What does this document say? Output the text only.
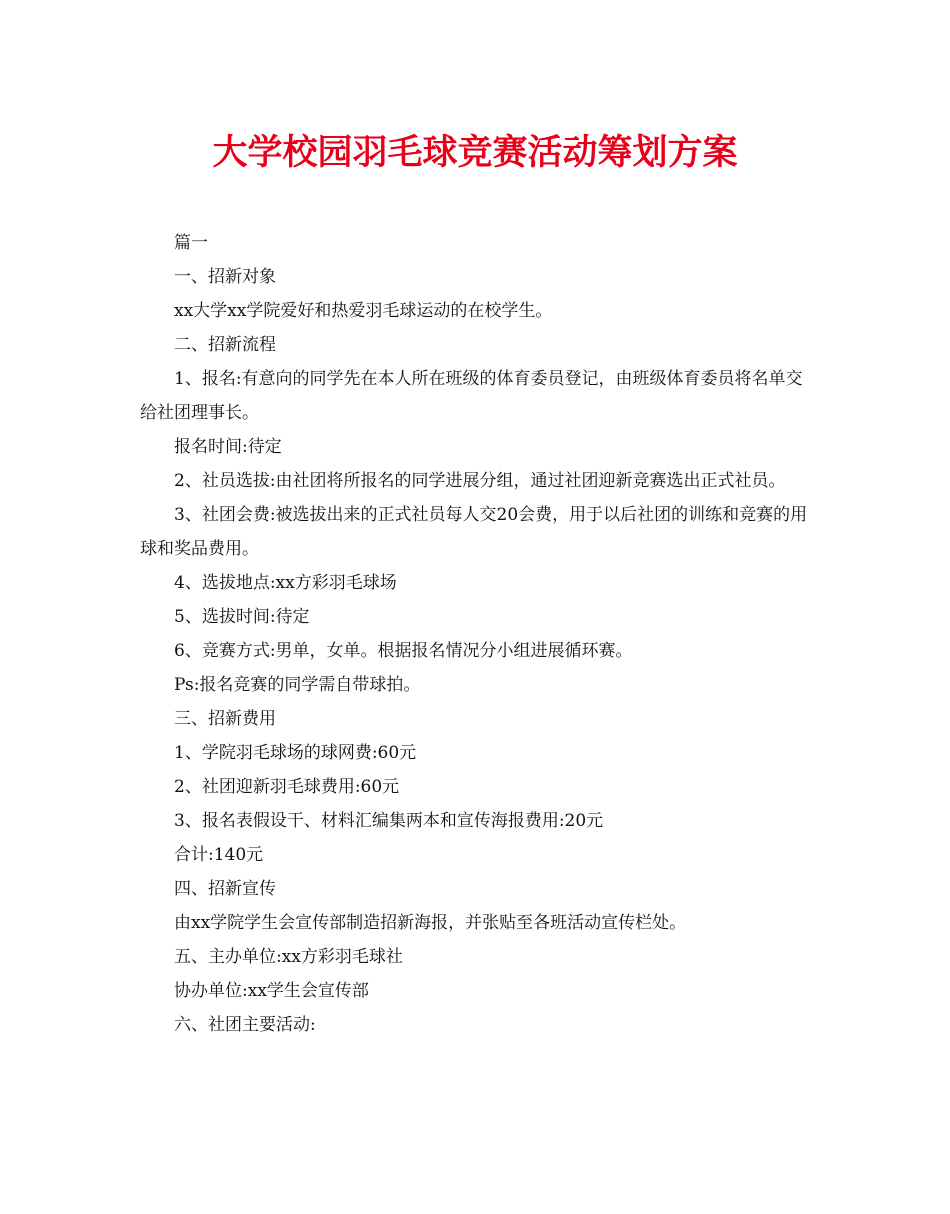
大学校园羽毛球竞赛活动筹划方案

篇一

一、招新对象

xx大学xx学院爱好和热爱羽毛球运动的在校学生。

二、招新流程

1、报名:有意向的同学先在本人所在班级的体育委员登记，由班级体育委员将名单交给社团理事长。

报名时间:待定

2、社员选拔:由社团将所报名的同学进展分组，通过社团迎新竞赛选出正式社员。

3、社团会费:被选拔出来的正式社员每人交20会费，用于以后社团的训练和竞赛的用球和奖品费用。

4、选拔地点:xx方彩羽毛球场

5、选拔时间:待定

6、竞赛方式:男单，女单。根据报名情况分小组进展循环赛。

Ps:报名竞赛的同学需自带球拍。

三、招新费用

1、学院羽毛球场的球网费:60元

2、社团迎新羽毛球费用:60元

3、报名表假设干、材料汇编集两本和宣传海报费用:20元

合计:140元

四、招新宣传

由xx学院学生会宣传部制造招新海报，并张贴至各班活动宣传栏处。

五、主办单位:xx方彩羽毛球社

协办单位:xx学生会宣传部

六、社团主要活动:
